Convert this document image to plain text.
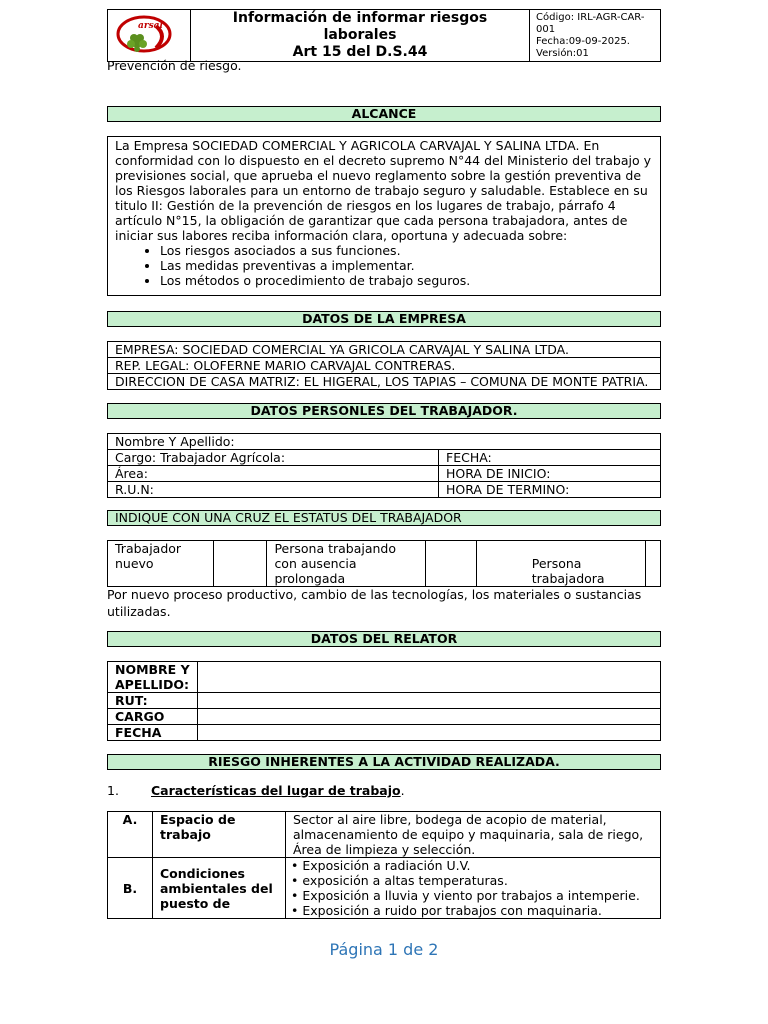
arsal	Información de informar riesgos laborales
Art 15 del D.S.44

Código: IRL-AGR-CAR-001
Fecha:09-09-2025.
Versión:01
Prevención de riesgo.
ALCANCE
La Empresa SOCIEDAD COMERCIAL Y AGRICOLA CARVAJAL Y SALINA LTDA. En conformidad con lo dispuesto en el decreto supremo N°44 del Ministerio del trabajo y previsiones social, que aprueba el nuevo reglamento sobre la gestión preventiva de los Riesgos laborales para un entorno de trabajo seguro y saludable. Establece en su titulo II: Gestión de la prevención de riesgos en los lugares de trabajo, párrafo 4 artículo N°15, la obligación de garantizar que cada persona trabajadora, antes de iniciar sus labores reciba información clara, oportuna y adecuada sobre:
• Los riesgos asociados a sus funciones.
• Las medidas preventivas a implementar.
• Los métodos o procedimiento de trabajo seguros.
DATOS DE LA EMPRESA
EMPRESA: SOCIEDAD COMERCIAL YA GRICOLA CARVAJAL Y SALINA LTDA.
REP. LEGAL: OLOFERNE MARIO CARVAJAL CONTRERAS.
DIRECCION DE CASA MATRIZ: EL HIGERAL, LOS TAPIAS – COMUNA DE MONTE PATRIA.
DATOS PERSONLES DEL TRABAJADOR.
Nombre Y Apellido:	
Cargo: Trabajador Agrícola:	FECHA:
Área:	HORA DE INICIO:
R.U.N:	HORA DE TERMINO:
INDIQUE CON UNA CRUZ EL ESTATUS DEL TRABAJADOR
Trabajador nuevo		Persona trabajando con ausencia prolongada		Persona trabajadora	
Por nuevo proceso productivo, cambio de las tecnologías, los materiales o sustancias utilizadas.
DATOS DEL RELATOR
NOMBRE Y APELLIDO:	
RUT:	
CARGO	
FECHA	
RIESGO INHERENTES A LA ACTIVIDAD REALIZADA.
1.	Características del lugar de trabajo.
A.	Espacio de trabajo	Sector al aire libre, bodega de acopio de material, almacenamiento de equipo y maquinaria, sala de riego, Área de limpieza y selección.
B.	Condiciones ambientales del puesto de	• Exposición a radiación U.V.
• exposición a altas temperaturas.
• Exposición a lluvia y viento por trabajos a intemperie.
• Exposición a ruido por trabajos con maquinaria.
Página 1 de 2
